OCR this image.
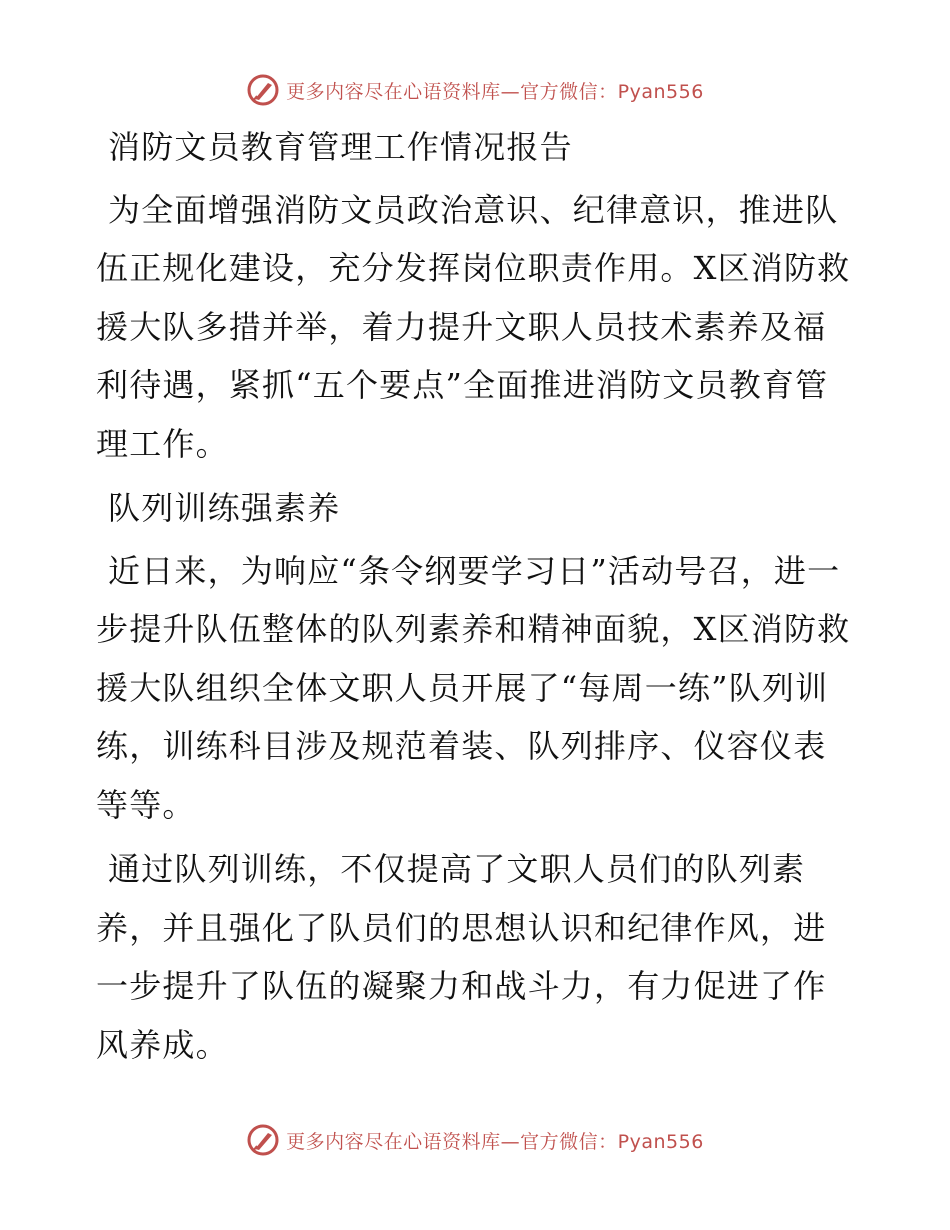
更多内容尽在心语资料库—官方微信：Pyan556

消防文员教育管理工作情况报告

为全面增强消防文员政治意识、纪律意识，推进队伍正规化建设，充分发挥岗位职责作用。X区消防救援大队多措并举，着力提升文职人员技术素养及福利待遇，紧抓“五个要点”全面推进消防文员教育管理工作。

队列训练强素养

近日来，为响应“条令纲要学习日”活动号召，进一步提升队伍整体的队列素养和精神面貌，X区消防救援大队组织全体文职人员开展了“每周一练”队列训练，训练科目涉及规范着装、队列排序、仪容仪表等等。

通过队列训练，不仅提高了文职人员们的队列素养，并且强化了队员们的思想认识和纪律作风，进一步提升了队伍的凝聚力和战斗力，有力促进了作风养成。

更多内容尽在心语资料库—官方微信：Pyan556
